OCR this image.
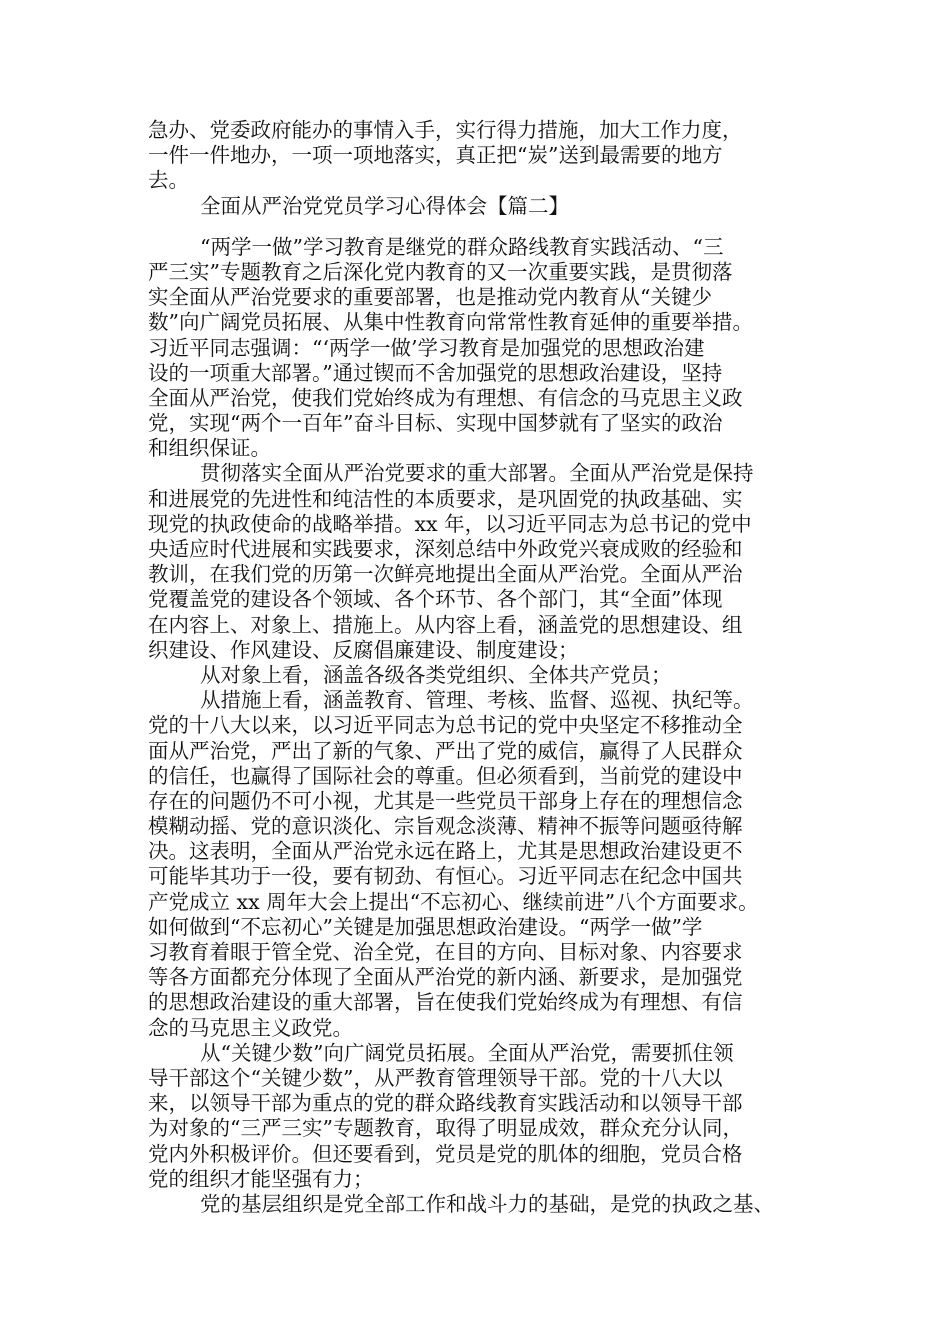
急办、党委政府能办的事情入手，实行得力措施，加大工作力度，
一件一件地办，一项一项地落实，真正把“炭”送到最需要的地方
去。
全面从严治党党员学习心得体会【篇二】
“两学一做”学习教育是继党的群众路线教育实践活动、“三
严三实”专题教育之后深化党内教育的又一次重要实践，是贯彻落
实全面从严治党要求的重要部署，也是推动党内教育从“关键少
数”向广阔党员拓展、从集中性教育向常常性教育延伸的重要举措。
习近平同志强调：“‘两学一做’学习教育是加强党的思想政治建
设的一项重大部署。”通过锲而不舍加强党的思想政治建设，坚持
全面从严治党，使我们党始终成为有理想、有信念的马克思主义政
党，实现“两个一百年”奋斗目标、实现中国梦就有了坚实的政治
和组织保证。
贯彻落实全面从严治党要求的重大部署。全面从严治党是保持
和进展党的先进性和纯洁性的本质要求，是巩固党的执政基础、实
现党的执政使命的战略举措。xx 年，以习近平同志为总书记的党中
央适应时代进展和实践要求，深刻总结中外政党兴衰成败的经验和
教训，在我们党的历第一次鲜亮地提出全面从严治党。全面从严治
党覆盖党的建设各个领域、各个环节、各个部门，其“全面”体现
在内容上、对象上、措施上。从内容上看，涵盖党的思想建设、组
织建设、作风建设、反腐倡廉建设、制度建设；
从对象上看，涵盖各级各类党组织、全体共产党员；
从措施上看，涵盖教育、管理、考核、监督、巡视、执纪等。
党的十八大以来，以习近平同志为总书记的党中央坚定不移推动全
面从严治党，严出了新的气象、严出了党的威信，赢得了人民群众
的信任，也赢得了国际社会的尊重。但必须看到，当前党的建设中
存在的问题仍不可小视，尤其是一些党员干部身上存在的理想信念
模糊动摇、党的意识淡化、宗旨观念淡薄、精神不振等问题亟待解
决。这表明，全面从严治党永远在路上，尤其是思想政治建设更不
可能毕其功于一役，要有韧劲、有恒心。习近平同志在纪念中国共
产党成立 xx 周年大会上提出“不忘初心、继续前进”八个方面要求。
如何做到“不忘初心”关键是加强思想政治建设。“两学一做”学
习教育着眼于管全党、治全党，在目的方向、目标对象、内容要求
等各方面都充分体现了全面从严治党的新内涵、新要求，是加强党
的思想政治建设的重大部署，旨在使我们党始终成为有理想、有信
念的马克思主义政党。
从“关键少数”向广阔党员拓展。全面从严治党，需要抓住领
导干部这个“关键少数”，从严教育管理领导干部。党的十八大以
来，以领导干部为重点的党的群众路线教育实践活动和以领导干部
为对象的“三严三实”专题教育，取得了明显成效，群众充分认同，
党内外积极评价。但还要看到，党员是党的肌体的细胞，党员合格
党的组织才能坚强有力；
党的基层组织是党全部工作和战斗力的基础，是党的执政之基、
